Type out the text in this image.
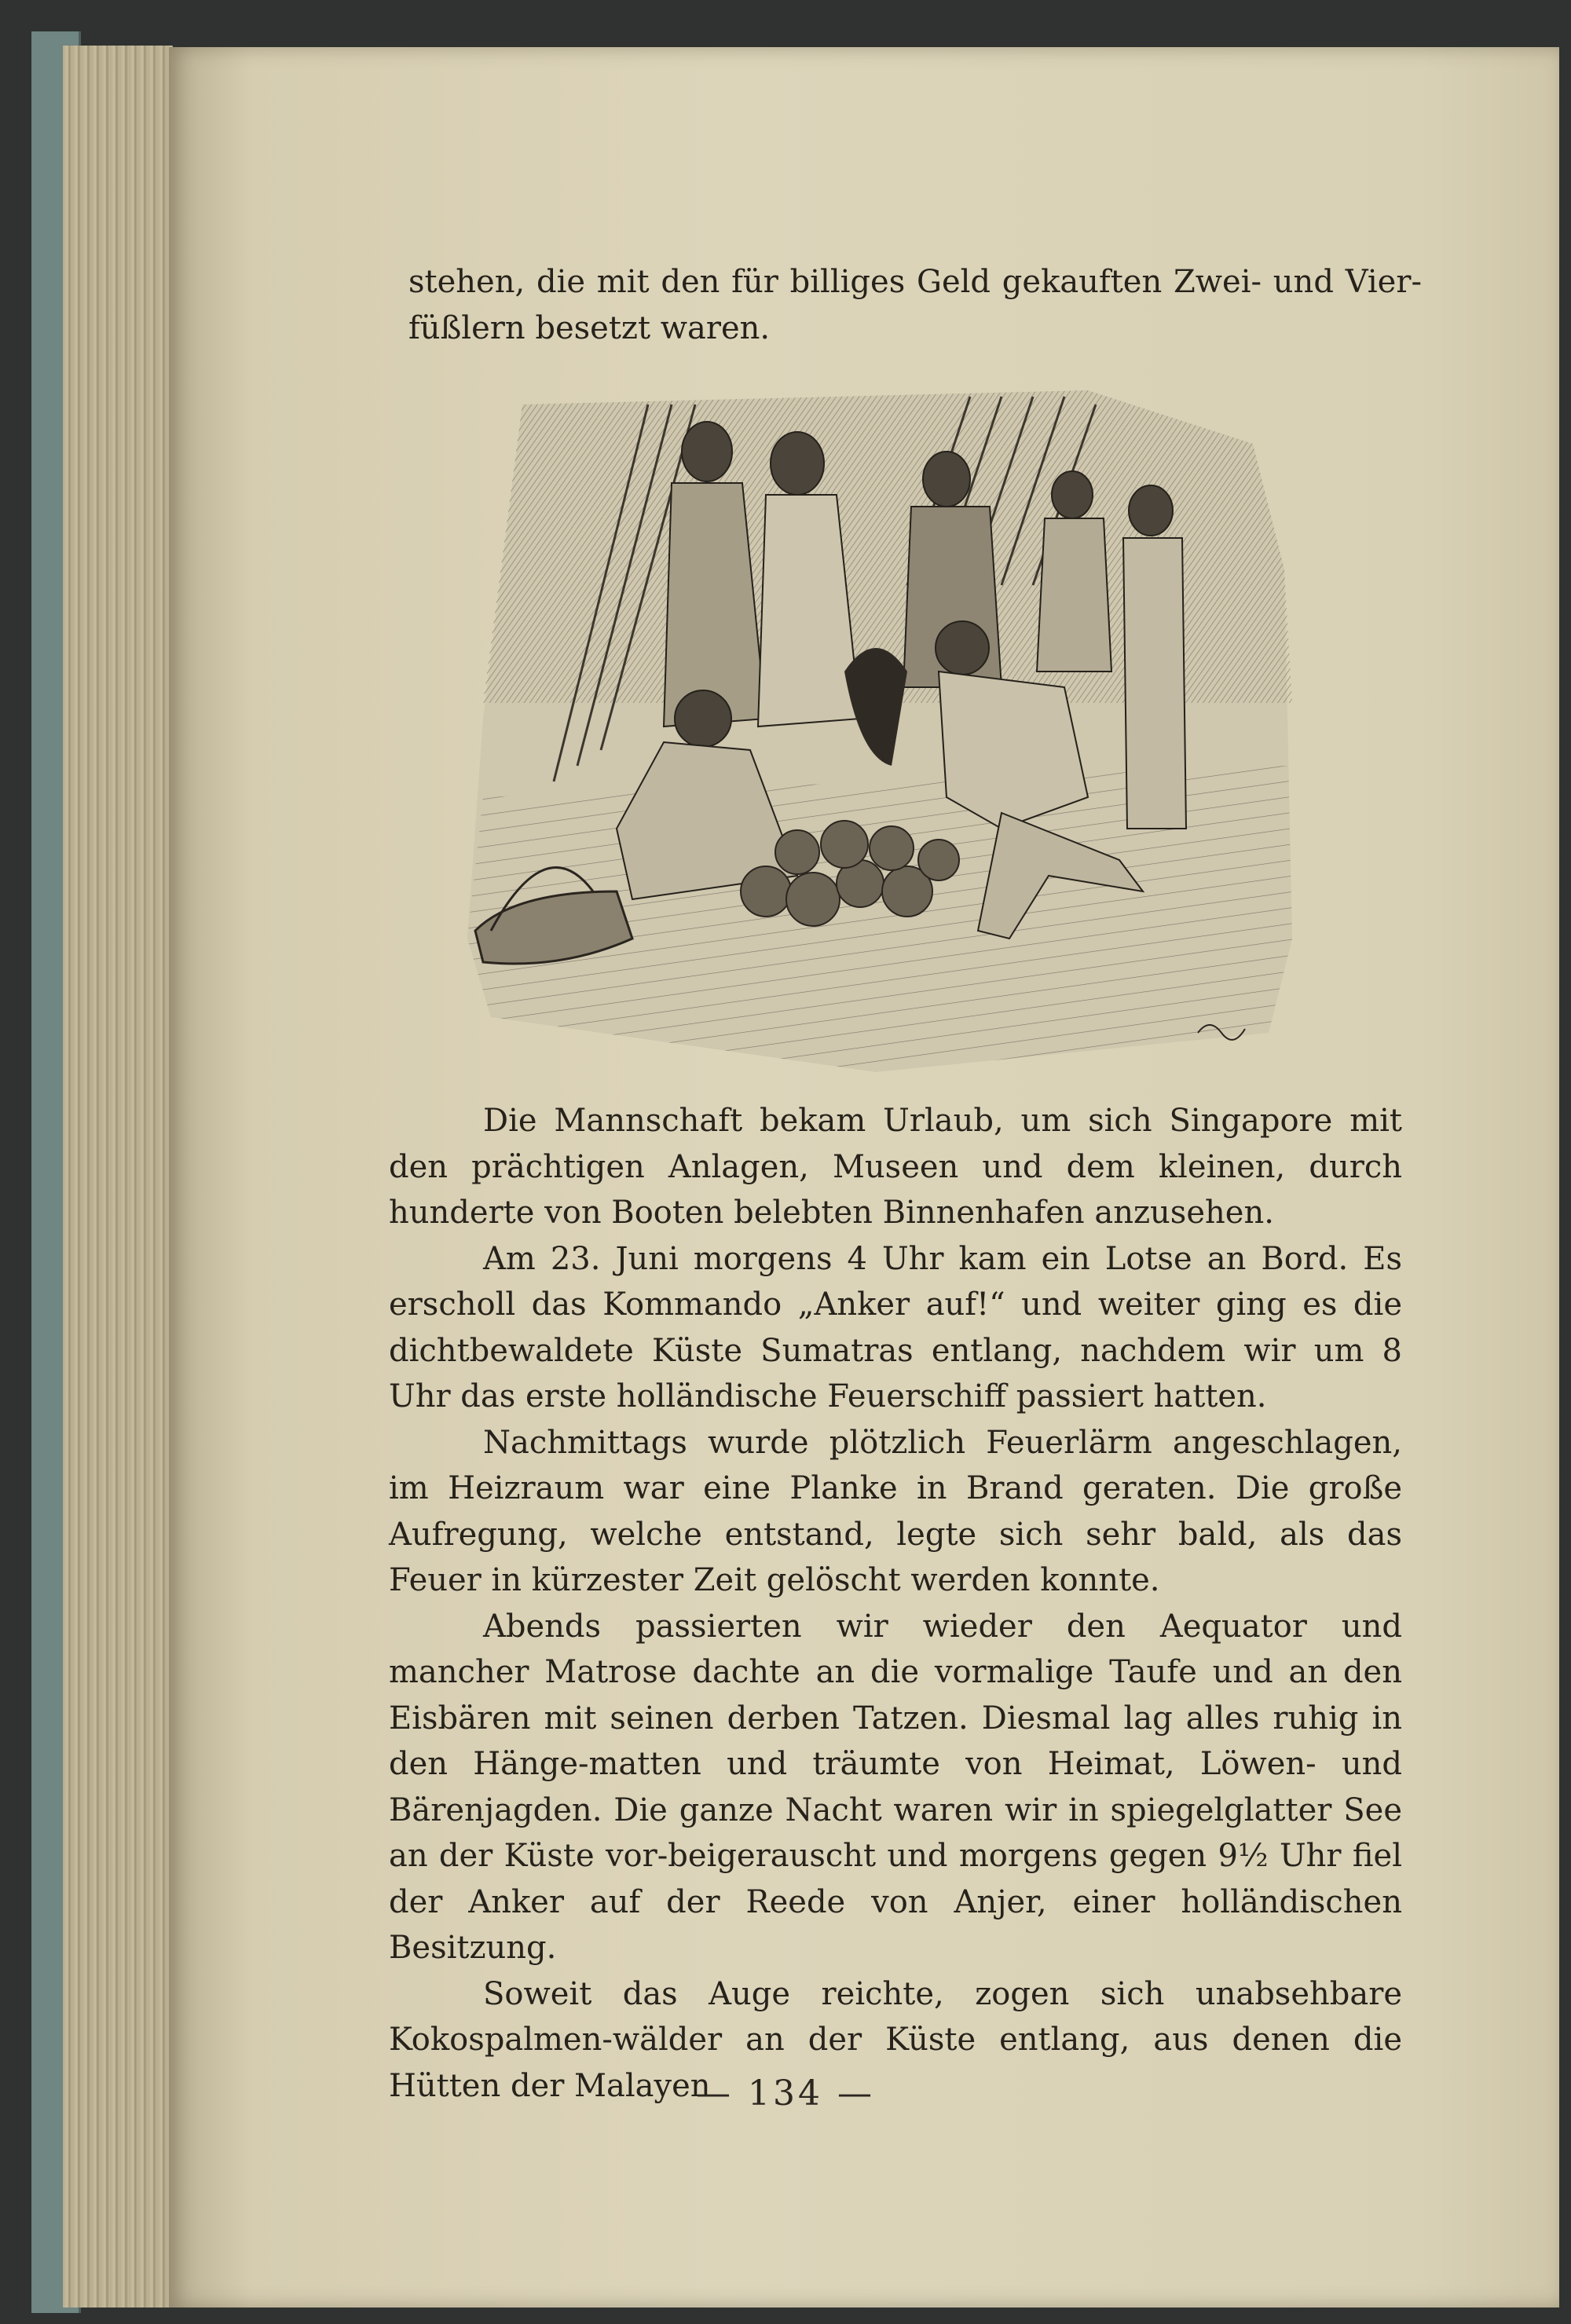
stehen, die mit den für billiges Geld gekauften Zwei- und Vier-füßlern besetzt waren.

Die Mannschaft bekam Urlaub, um sich Singapore mit den prächtigen Anlagen, Museen und dem kleinen, durch hunderte von Booten belebten Binnenhafen anzusehen.

Am 23. Juni morgens 4 Uhr kam ein Lotse an Bord. Es erscholl das Kommando „Anker auf!“ und weiter ging es die dichtbewaldete Küste Sumatras entlang, nachdem wir um 8 Uhr das erste holländische Feuerschiff passiert hatten.

Nachmittags wurde plötzlich Feuerlärm angeschlagen, im Heizraum war eine Planke in Brand geraten. Die große Aufregung, welche entstand, legte sich sehr bald, als das Feuer in kürzester Zeit gelöscht werden konnte.

Abends passierten wir wieder den Aequator und mancher Matrose dachte an die vormalige Taufe und an den Eisbären mit seinen derben Tatzen. Diesmal lag alles ruhig in den Hänge-matten und träumte von Heimat, Löwen- und Bärenjagden. Die ganze Nacht waren wir in spiegelglatter See an der Küste vor-beigerauscht und morgens gegen 9½ Uhr fiel der Anker auf der Reede von Anjer, einer holländischen Besitzung.

Soweit das Auge reichte, zogen sich unabsehbare Kokospalmen-wälder an der Küste entlang, aus denen die Hütten der Malayen

— 134 —
